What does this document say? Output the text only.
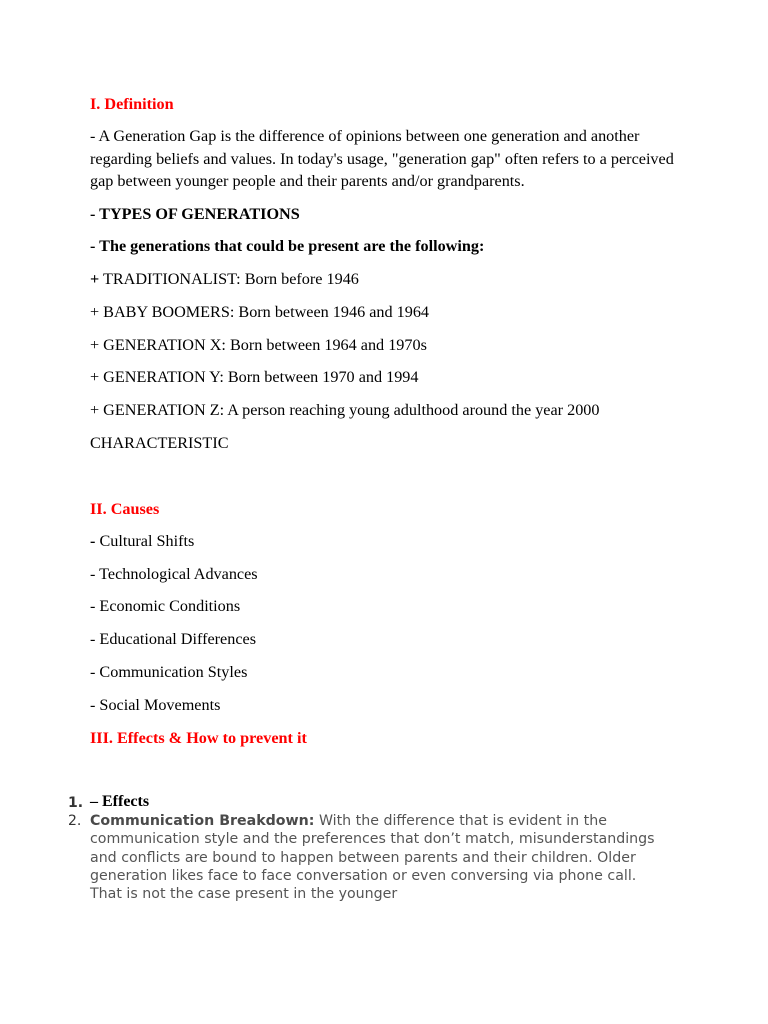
I. Definition
- A Generation Gap is the difference of opinions between one generation and another regarding beliefs and values. In today's usage, "generation gap" often refers to a perceived gap between younger people and their parents and/or grandparents.
- TYPES OF GENERATIONS
- The generations that could be present are the following:
+ TRADITIONALIST: Born before 1946
+ BABY BOOMERS: Born between 1946 and 1964
+ GENERATION X: Born between 1964 and 1970s
+ GENERATION Y: Born between 1970 and 1994
+ GENERATION Z: A person reaching young adulthood around the year 2000
CHARACTERISTIC
II. Causes
- Cultural Shifts
- Technological Advances
- Economic Conditions
- Educational Differences
- Communication Styles
- Social Movements
III. Effects & How to prevent it
1. – Effects
2. Communication Breakdown: With the difference that is evident in the communication style and the preferences that don’t match, misunderstandings and conflicts are bound to happen between parents and their children. Older generation likes face to face conversation or even conversing via phone call. That is not the case present in the younger
